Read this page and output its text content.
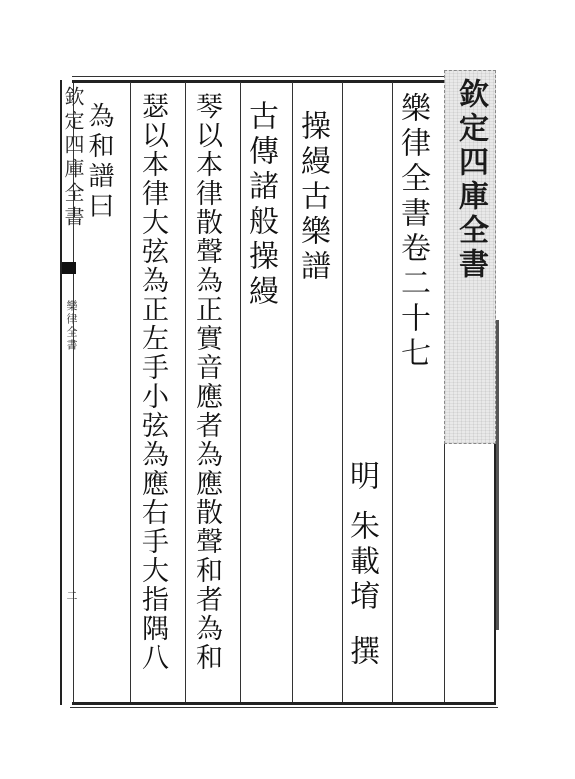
欽定四庫全書
樂律全書
二
欽定四庫全書
樂律全書卷二十七
明
朱載堉
撰
操縵古樂譜
古傳諸般操縵
琴以本律散聲為正實音應者為應散聲和者為和
瑟以本律大弦為正左手小弦為應右手大指隅八
為和譜曰
